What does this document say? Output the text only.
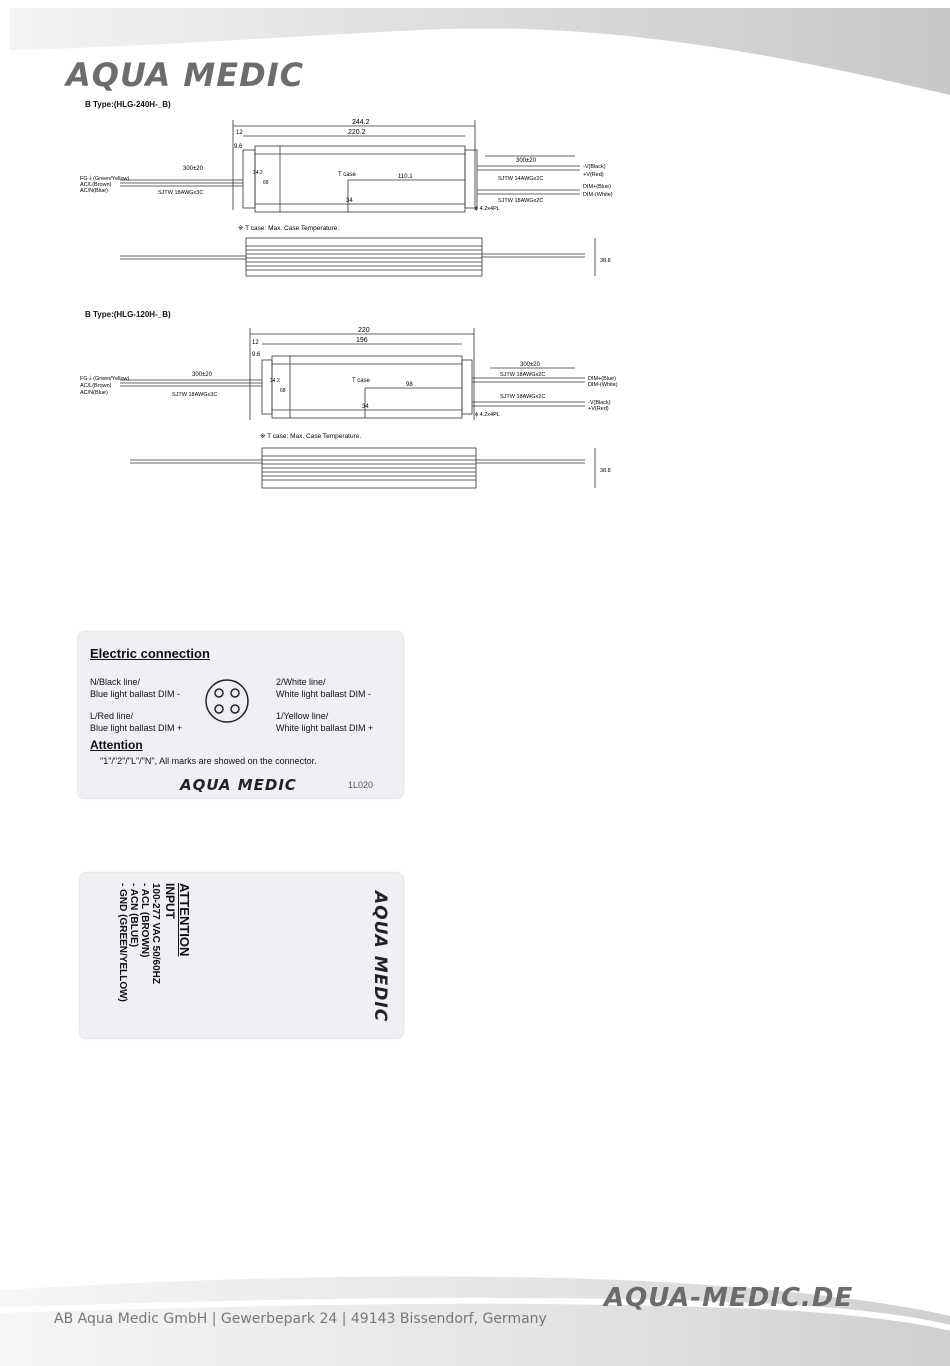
AQUA MEDIC
B Type:(HLG-240H-_B)
244.2
220.2
12
9.6
300±20
300±20
T case	110.1
34
34.2
68
FG⏚(Green/Yellow)
AC/L(Brown)
AC/N(Blue)	SJTW 18AWGx3C
SJTW 14AWGx2C
SJTW 18AWGx2C
-V(Black)
+V(Red)
DIM+(Blue)
DIM-(White)
ϕ 4.2x4PL
※ T case: Max. Case Temperature.
38.8
B Type:(HLG-120H-_B)
220
196
12
9.6
300±20
300±20
T case
98
34
34.2
68
FG⏚(Green/Yellow)
AC/L(Brown)
AC/N(Blue)	SJTW 18AWGx3C
SJTW 18AWGx2C
SJTW 18AWGx2C
DIM+(Blue)
DIM-(White)
-V(Black)
+V(Red)
ϕ 4.2x4PL
※ T case: Max. Case Temperature.
38.8
Electric connection
N/Black line/
Blue light ballast DIM -
L/Red line/
Blue light ballast DIM +
2/White line/
White light ballast DIM -
1/Yellow line/
White light ballast DIM +
Attention
"1"/"2"/"L"/"N", All marks are showed on the connector.
AQUA MEDIC	1L020
ATTENTION
INPUT
100-277 VAC 50/60HZ
- ACL (BROWN)
- ACN (BLUE)
- GND (GREEN/YELLOW)	AQUA MEDIC
AQUA-MEDIC.DE
AB Aqua Medic GmbH | Gewerbepark 24 | 49143 Bissendorf, Germany
